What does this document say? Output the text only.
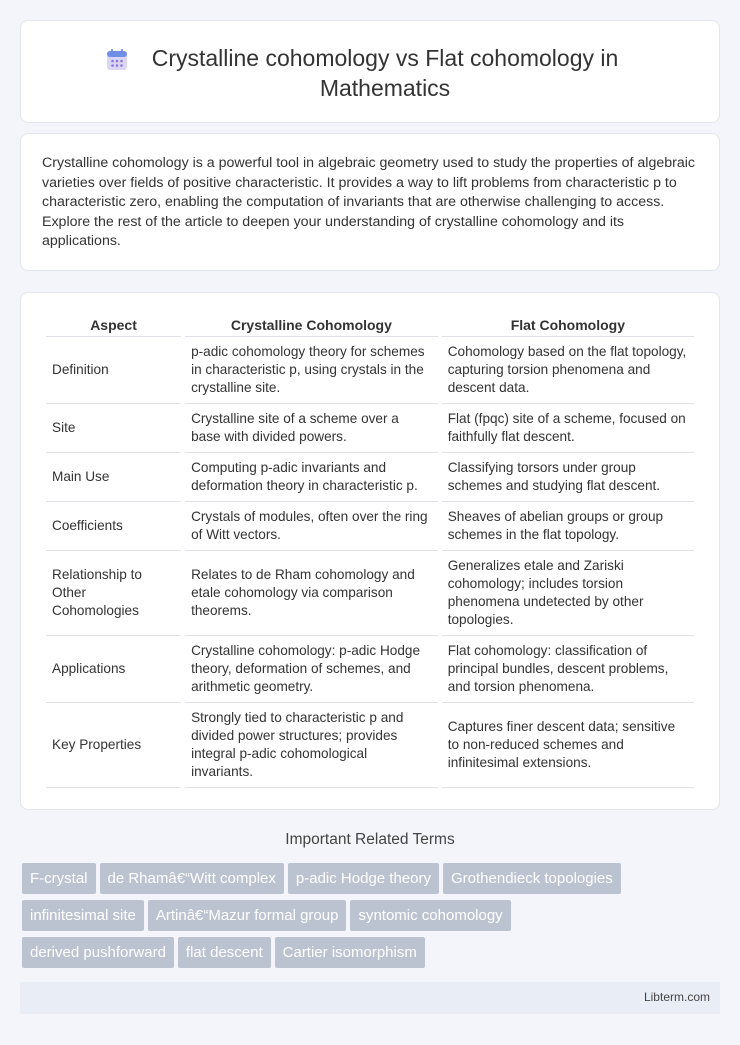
Crystalline cohomology vs Flat cohomology in Mathematics

Crystalline cohomology is a powerful tool in algebraic geometry used to study the properties of algebraic varieties over fields of positive characteristic. It provides a way to lift problems from characteristic p to characteristic zero, enabling the computation of invariants that are otherwise challenging to access. Explore the rest of the article to deepen your understanding of crystalline cohomology and its applications.

Aspect	Crystalline Cohomology	Flat Cohomology
Definition	p-adic cohomology theory for schemes in characteristic p, using crystals in the crystalline site.	Cohomology based on the flat topology, capturing torsion phenomena and descent data.
Site	Crystalline site of a scheme over a base with divided powers.	Flat (fpqc) site of a scheme, focused on faithfully flat descent.
Main Use	Computing p-adic invariants and deformation theory in characteristic p.	Classifying torsors under group schemes and studying flat descent.
Coefficients	Crystals of modules, often over the ring of Witt vectors.	Sheaves of abelian groups or group schemes in the flat topology.
Relationship to Other Cohomologies	Relates to de Rham cohomology and etale cohomology via comparison theorems.	Generalizes etale and Zariski cohomology; includes torsion phenomena undetected by other topologies.
Applications	Crystalline cohomology: p-adic Hodge theory, deformation of schemes, and arithmetic geometry.	Flat cohomology: classification of principal bundles, descent problems, and torsion phenomena.
Key Properties	Strongly tied to characteristic p and divided power structures; provides integral p-adic cohomological invariants.	Captures finer descent data; sensitive to non-reduced schemes and infinitesimal extensions.
Important Related Terms
F-crystal de Rhamâ€“Witt complex p-adic Hodge theory Grothendieck topologies
infinitesimal site Artinâ€“Mazur formal group syntomic cohomology
derived pushforward flat descent Cartier isomorphism
Libterm.com
